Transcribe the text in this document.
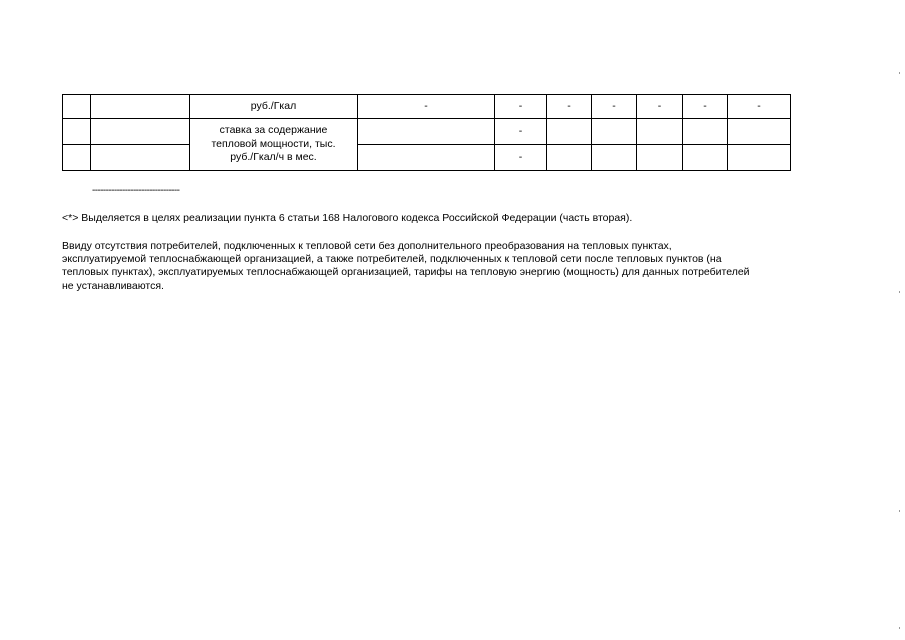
		руб./Гкал	-	-	-	-	-	-	-

		ставка за содержание
тепловой мощности, тыс.
руб./Гкал/ч в мес.		-					
				-					
--------------------------------
<*> Выделяется в целях реализации пункта 6 статьи 168 Налогового кодекса Российской Федерации (часть вторая).

Ввиду отсутствия потребителей, подключенных к тепловой сети без дополнительного преобразования на тепловых пунктах,
эксплуатируемой теплоснабжающей организацией, а также потребителей, подключенных к тепловой сети после тепловых пунктов (на
тепловых пунктах), эксплуатируемых теплоснабжающей организацией, тарифы на тепловую энергию (мощность) для данных потребителей
не устанавливаются.
